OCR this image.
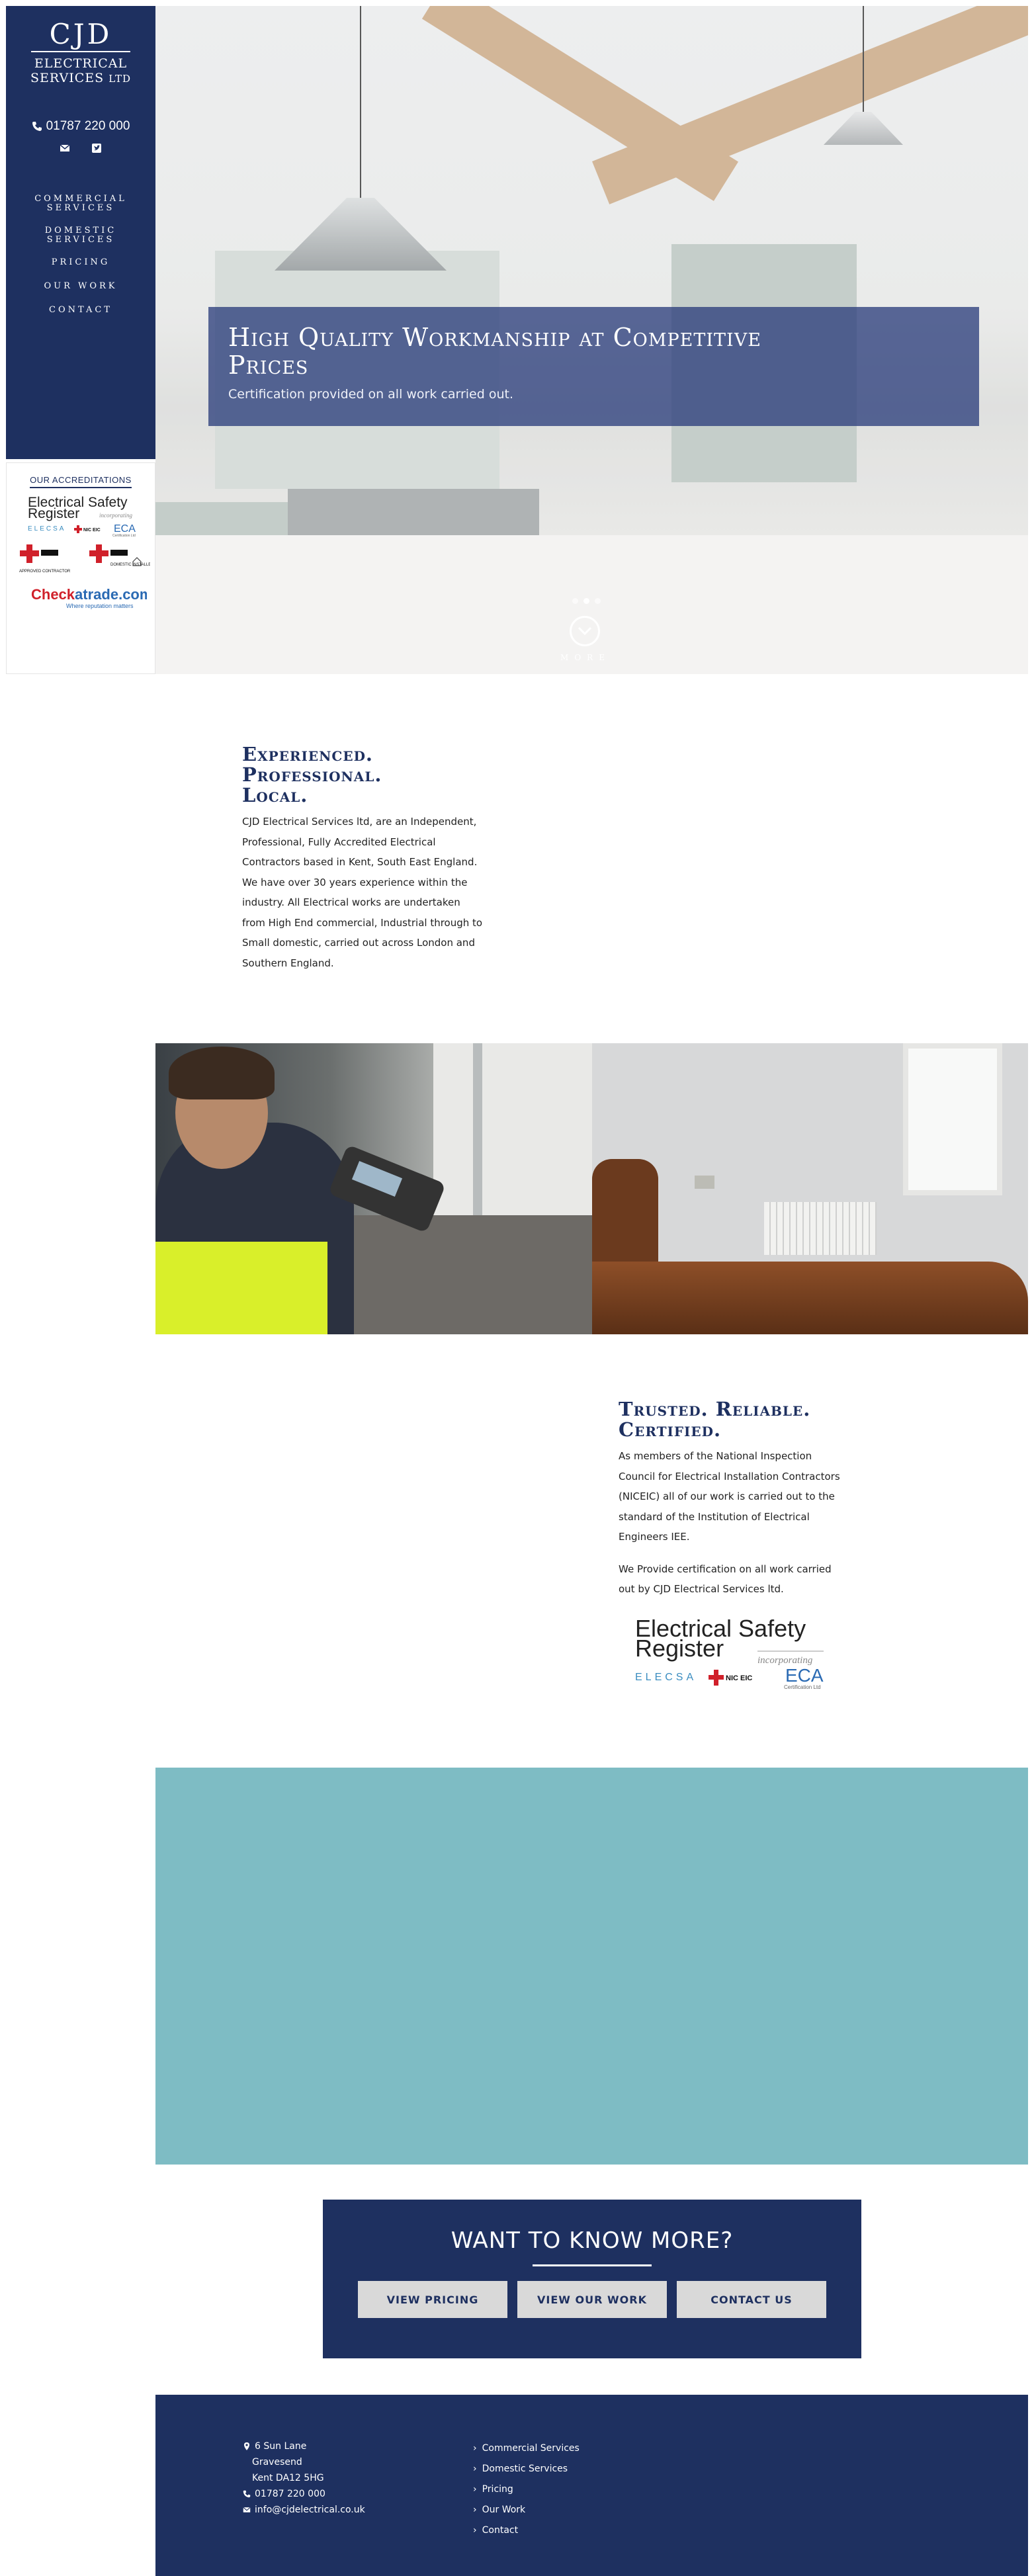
CJD
ELECTRICAL
SERVICES LTD
01787 220 000
COMMERCIAL
SERVICES
DOMESTIC
SERVICES
PRICING
OUR WORK
CONTACT
OUR ACCREDITATIONS
Electrical Safety
Register	incorporating
ELECSA	NIC EIC ECA
Certification Ltd

APPROVED CONTRACTOR
DOMESTIC INSTALLER

Checkatrade.com
Where reputation matters
High Quality Workmanship at Competitive
Prices
Certification provided on all work carried out.
MORE
Experienced.
Professional.
Local.
CJD Electrical Services ltd, are an Independent,
Professional, Fully Accredited Electrical
Contractors based in Kent, South East England.
We have over 30 years experience within the
industry. All Electrical works are undertaken
from High End commercial, Industrial through to
Small domestic, carried out across London and
Southern England.
Trusted. Reliable.
Certified.

As members of the National Inspection
Council for Electrical Installation Contractors
(NICEIC) all of our work is carried out to the
standard of the Institution of Electrical
Engineers IEE.

We Provide certification on all work carried
out by CJD Electrical Services ltd.

Electrical Safety
Register	incorporating
ELECSA	NIC EIC ECA
Certification Ltd
WANT TO KNOW MORE?
VIEW PRICING	VIEW OUR WORK	CONTACT US
6 Sun Lane
Gravesend
Kent DA12 5HG
01787 220 000
info@cjdelectrical.co.uk
› Commercial Services
› Domestic Services
› Pricing
› Our Work
› Contact
